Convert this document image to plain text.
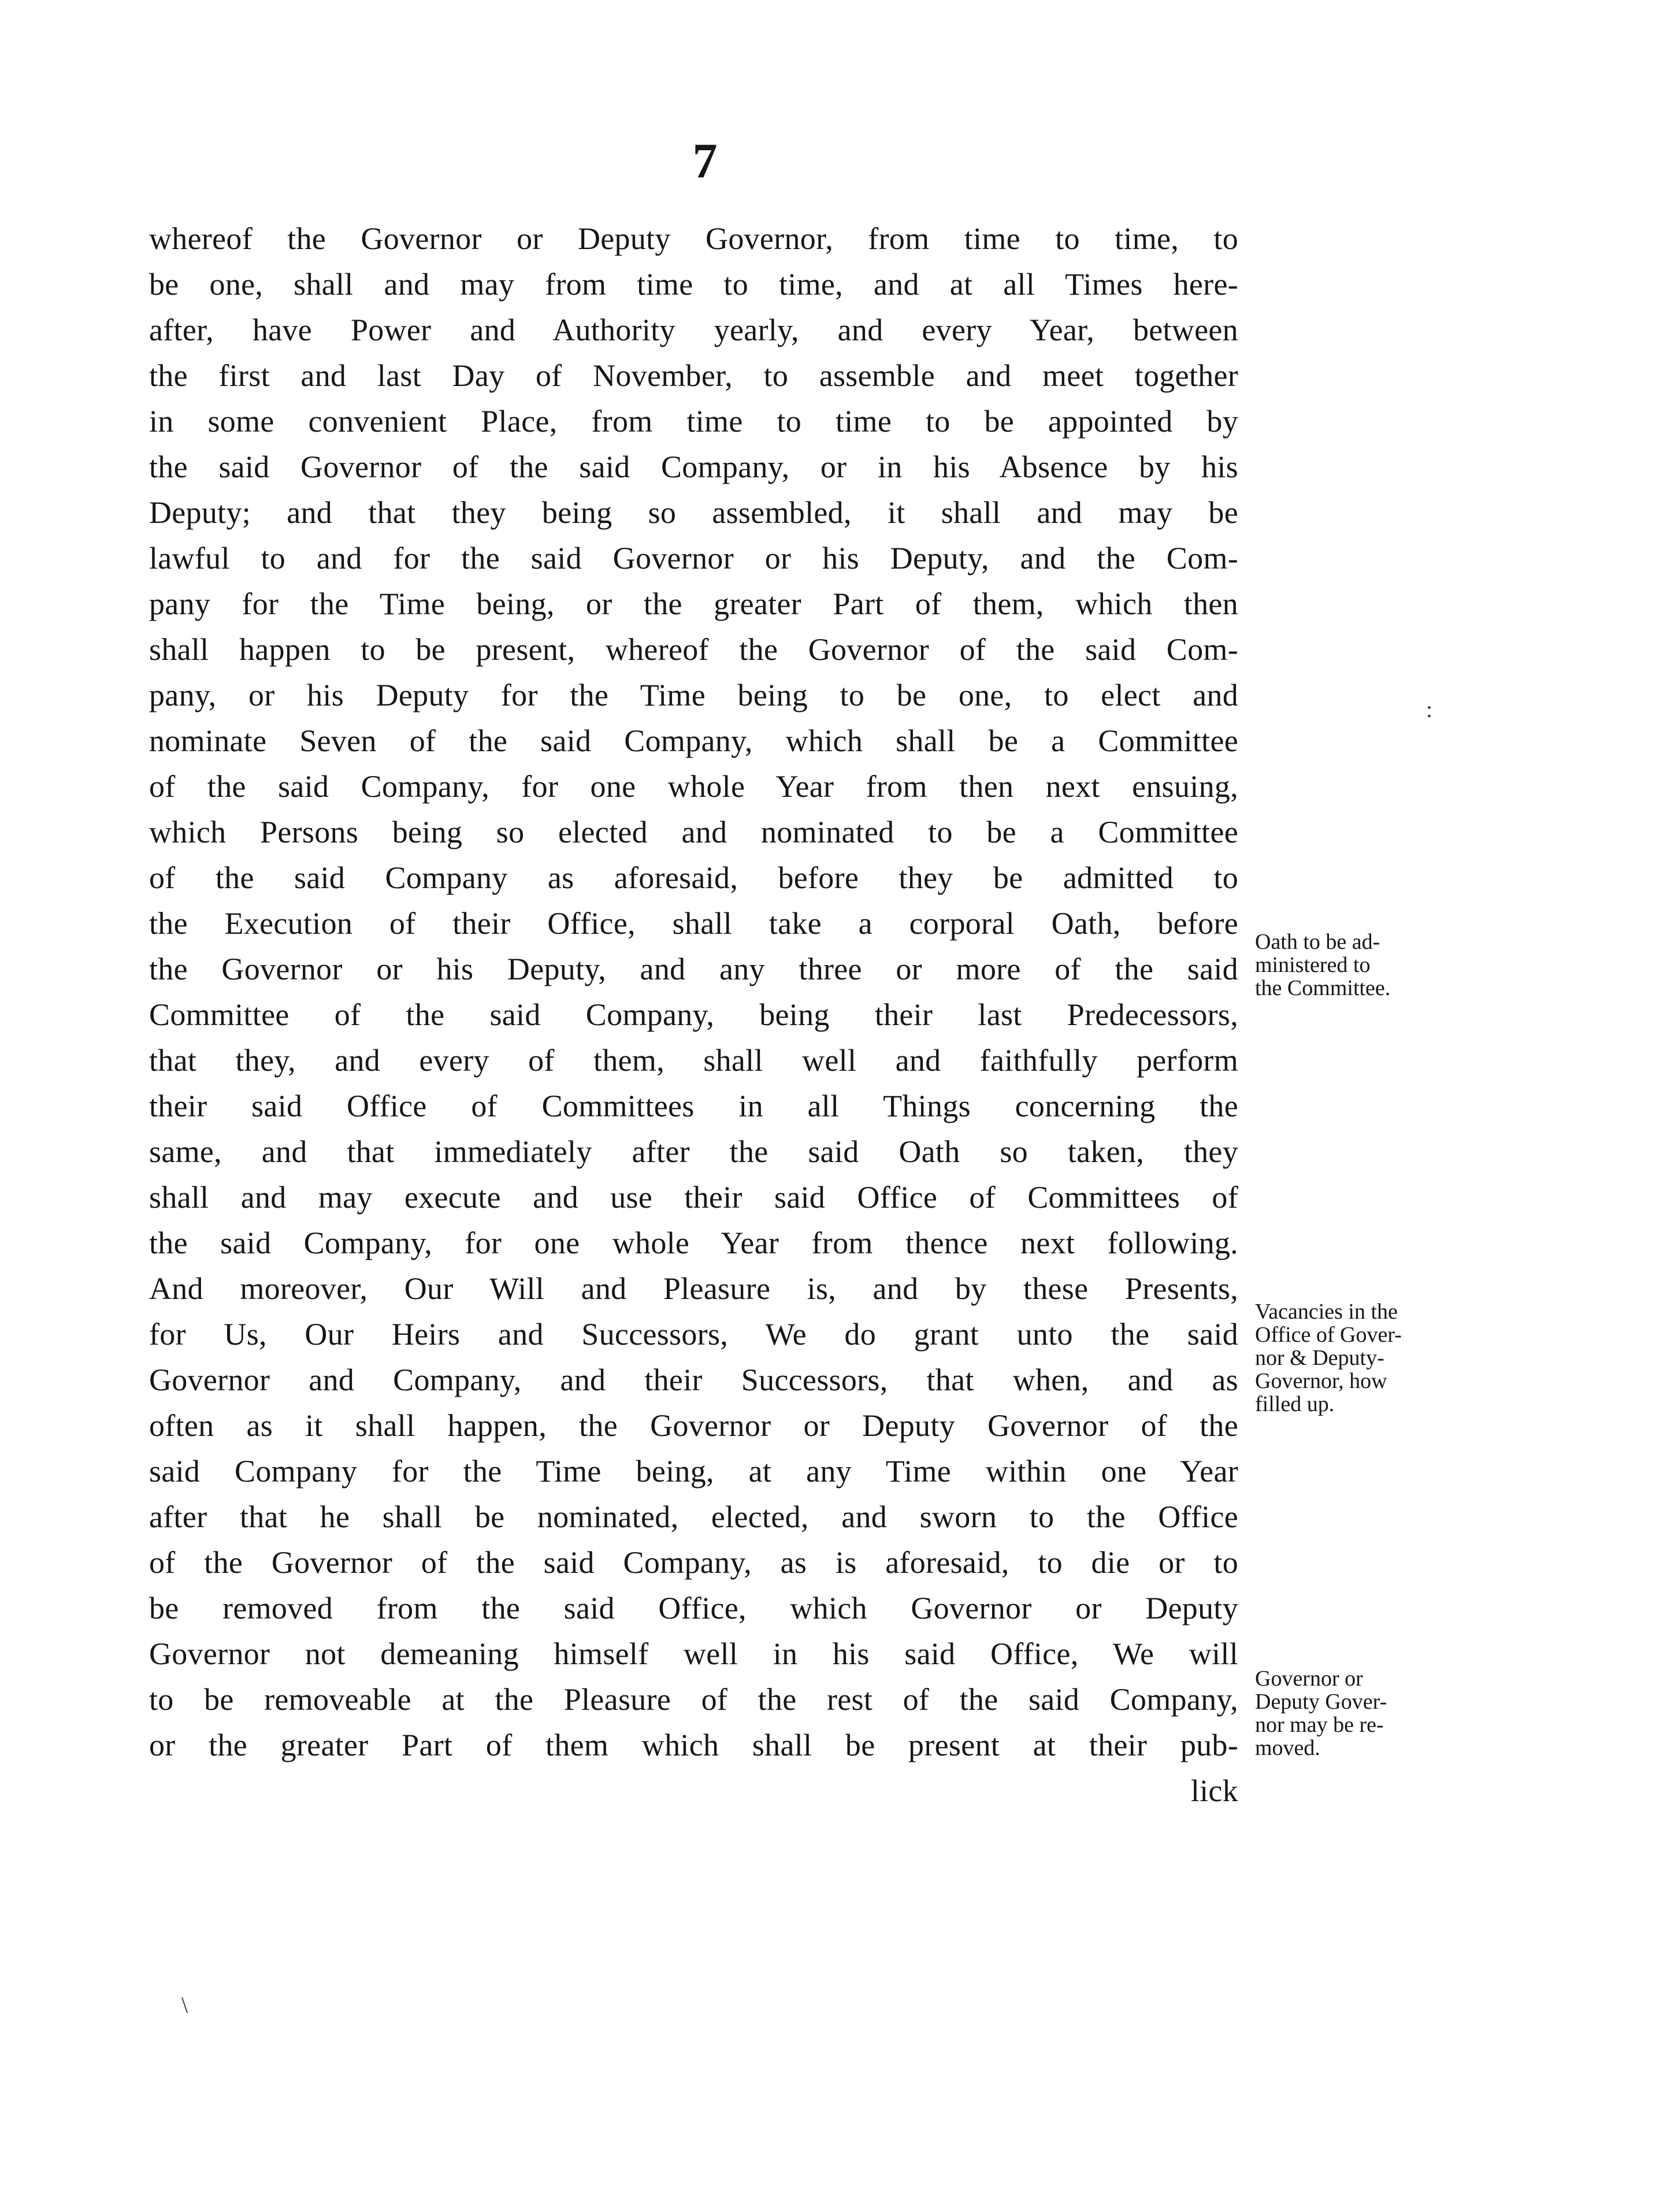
7
whereof the Governor or Deputy Governor, from time to time, to
be one, shall and may from time to time, and at all Times here-
after, have Power and Authority yearly, and every Year, between
the first and last Day of November, to assemble and meet together
in some convenient Place, from time to time to be appointed by
the said Governor of the said Company, or in his Absence by his
Deputy; and that they being so assembled, it shall and may be
lawful to and for the said Governor or his Deputy, and the Com-
pany for the Time being, or the greater Part of them, which then
shall happen to be present, whereof the Governor of the said Com-
pany, or his Deputy for the Time being to be one, to elect and
nominate Seven of the said Company, which shall be a Committee
of the said Company, for one whole Year from then next ensuing,
which Persons being so elected and nominated to be a Committee
of the said Company as aforesaid, before they be admitted to
the Execution of their Office, shall take a corporal Oath, before
the Governor or his Deputy, and any three or more of the said
Committee of the said Company, being their last Predecessors,
that they, and every of them, shall well and faithfully perform
their said Office of Committees in all Things concerning the
same, and that immediately after the said Oath so taken, they
shall and may execute and use their said Office of Committees of
the said Company, for one whole Year from thence next following.
And moreover, Our Will and Pleasure is, and by these Presents,
for Us, Our Heirs and Successors, We do grant unto the said
Governor and Company, and their Successors, that when, and as
often as it shall happen, the Governor or Deputy Governor of the
said Company for the Time being, at any Time within one Year
after that he shall be nominated, elected, and sworn to the Office
of the Governor of the said Company, as is aforesaid, to die or to
be removed from the said Office, which Governor or Deputy
Governor not demeaning himself well in his said Office, We will
to be removeable at the Pleasure of the rest of the said Company,
or the greater Part of them which shall be present at their pub-
lick
Oath to be ad-
ministered to
the Committee.
Vacancies in the
Office of Gover-
nor & Deputy-
Governor, how
filled up.
Governor or
Deputy Gover-
nor may be re-
moved.
:
\
